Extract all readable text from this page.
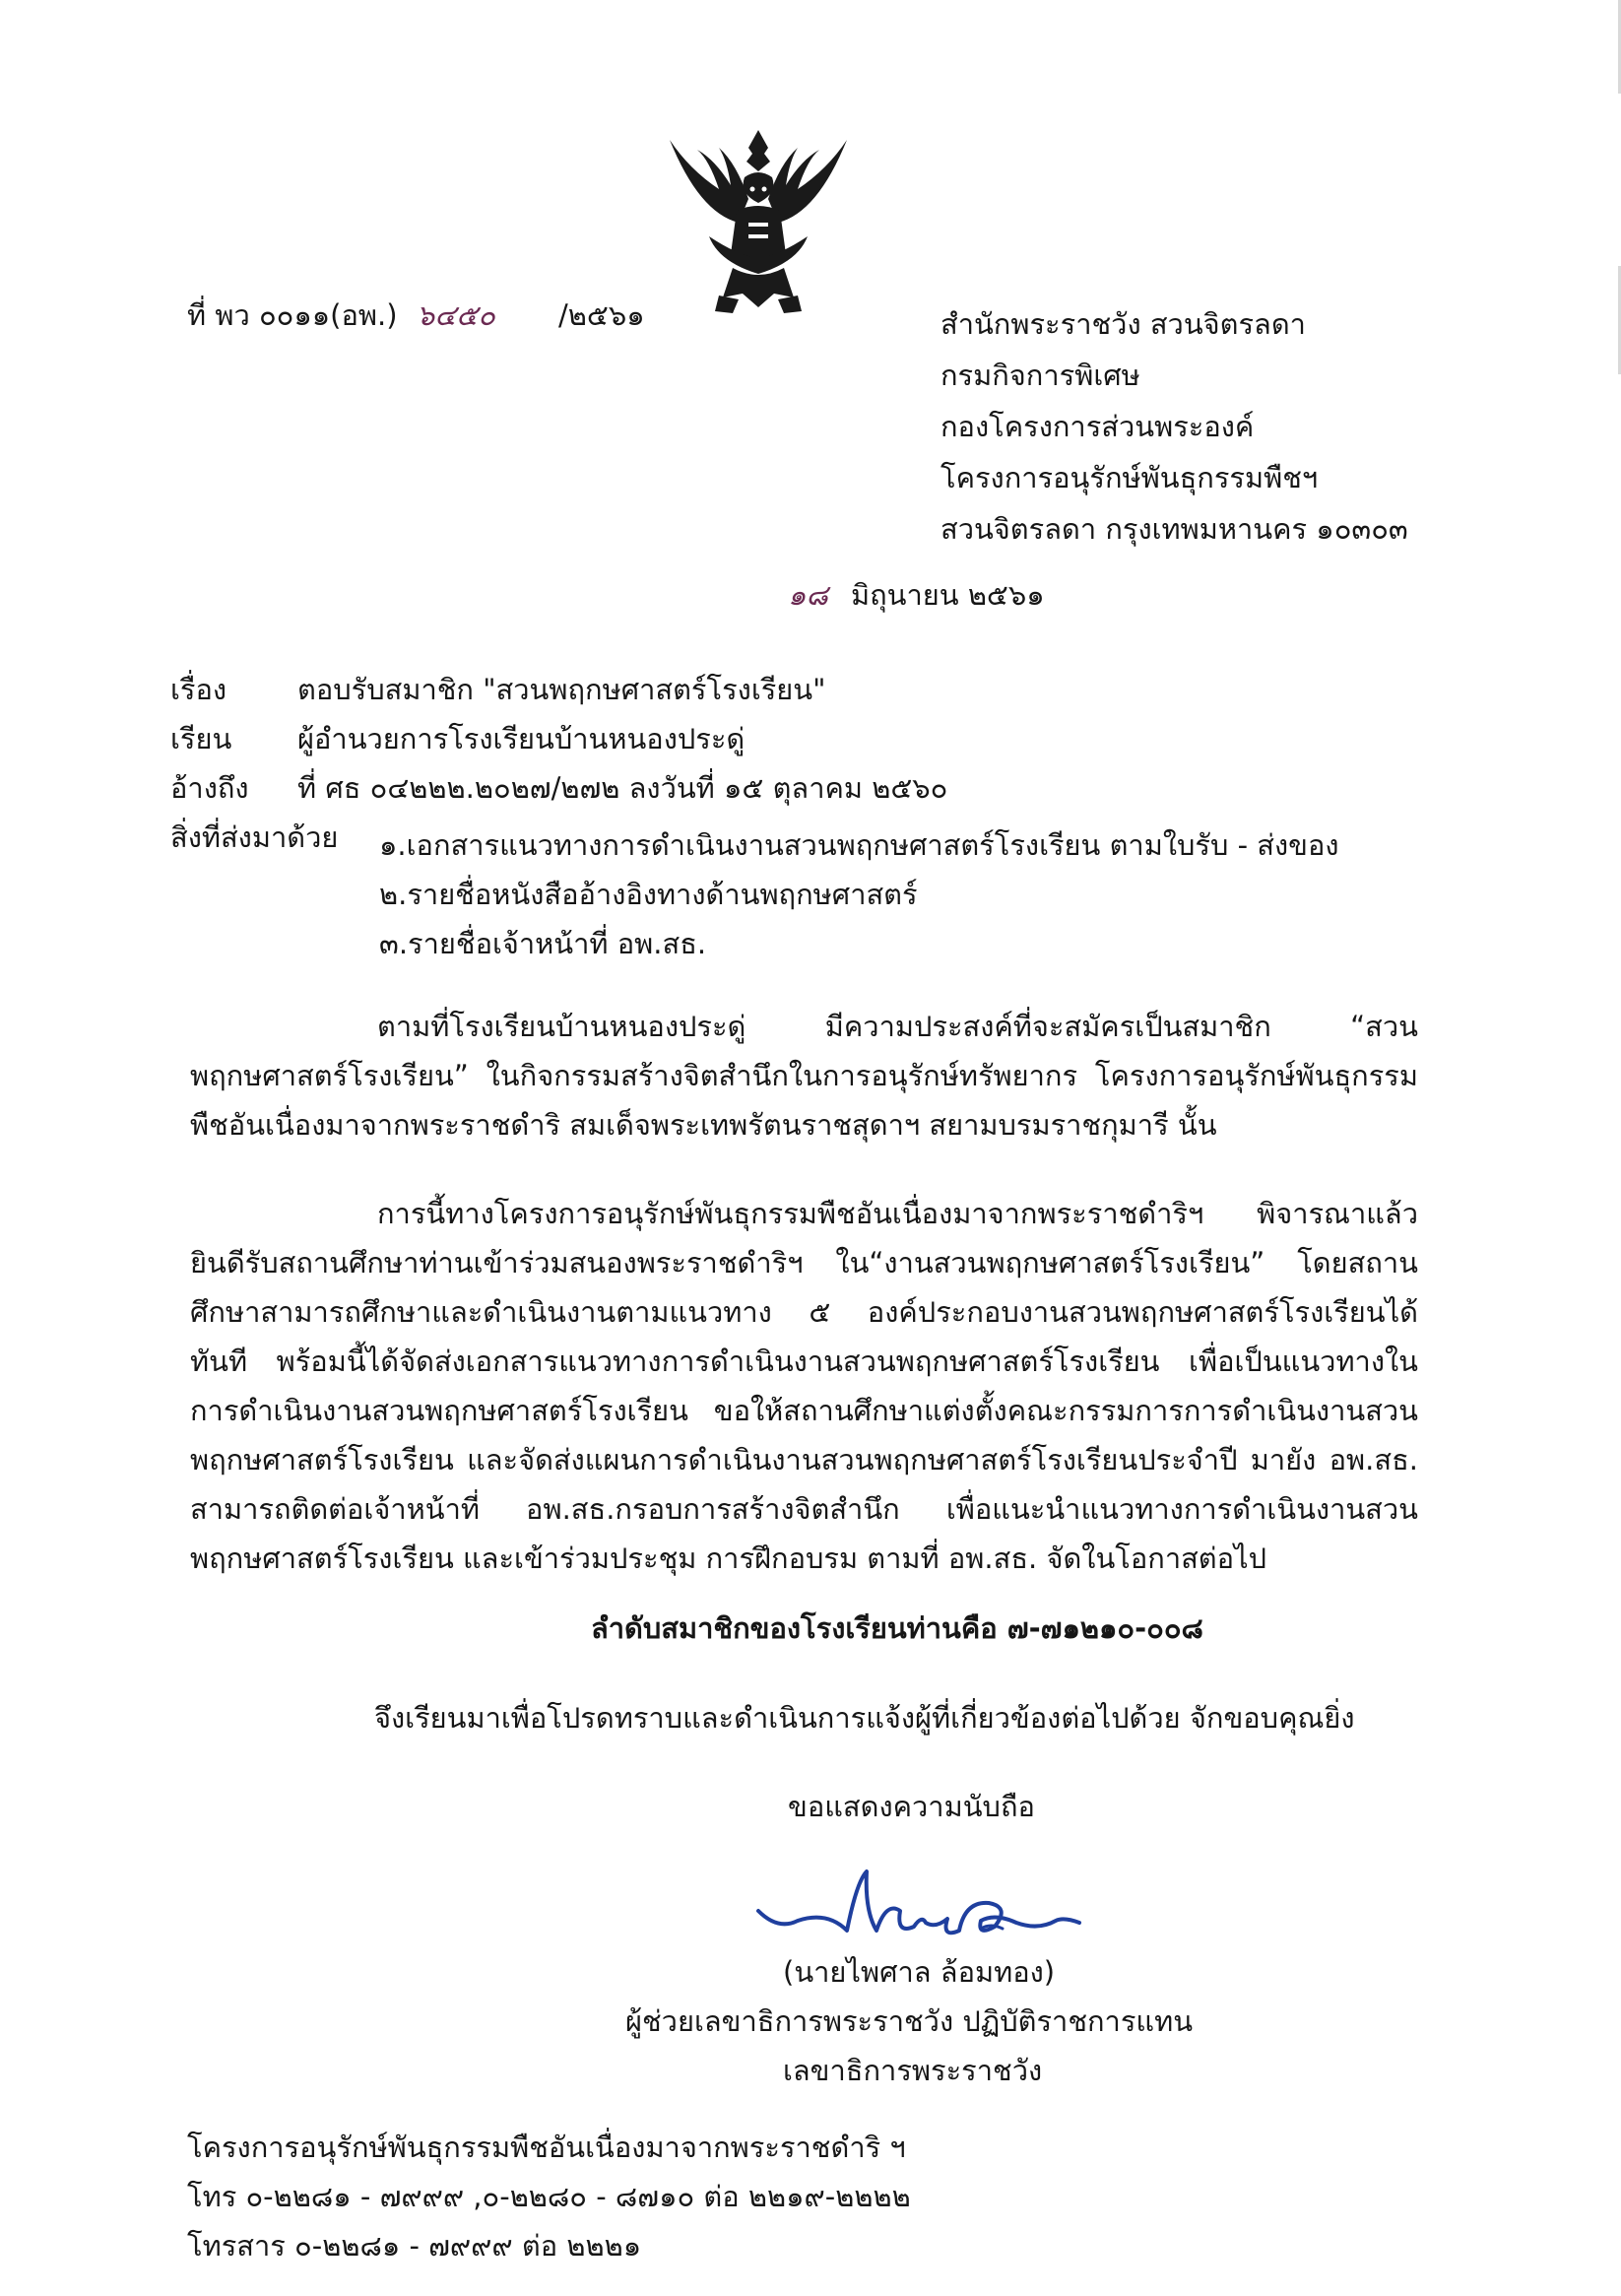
ที่ พว ๐๐๑๑(อพ.) ๖๔๕๐ /๒๕๖๑	สำนักพระราชวัง สวนจิตรลดา
กรมกิจการพิเศษ
กองโครงการส่วนพระองค์
โครงการอนุรักษ์พันธุกรรมพืชฯ
สวนจิตรลดา กรุงเทพมหานคร ๑๐๓๐๓
๑๘ มิถุนายน ๒๕๖๑
เรื่อง ตอบรับสมาชิก "สวนพฤกษศาสตร์โรงเรียน"
เรียน ผู้อำนวยการโรงเรียนบ้านหนองประดู่
อ้างถึง ที่ ศธ ๐๔๒๒๒.๒๐๒๗/๒๗๒ ลงวันที่ ๑๕ ตุลาคม ๒๕๖๐
สิ่งที่ส่งมาด้วย ๑.เอกสารแนวทางการดำเนินงานสวนพฤกษศาสตร์โรงเรียน ตามใบรับ - ส่งของ
๒.รายชื่อหนังสืออ้างอิงทางด้านพฤกษศาสตร์
๓.รายชื่อเจ้าหน้าที่ อพ.สธ.
ตามที่โรงเรียนบ้านหนองประดู่ มีความประสงค์ที่จะสมัครเป็นสมาชิก “สวนพฤกษศาสตร์โรงเรียน” ในกิจกรรมสร้างจิตสำนึกในการอนุรักษ์ทรัพยากร โครงการอนุรักษ์พันธุกรรมพืชอันเนื่องมาจากพระราชดำริ สมเด็จพระเทพรัตนราชสุดาฯ สยามบรมราชกุมารี นั้น
การนี้ทางโครงการอนุรักษ์พันธุกรรมพืชอันเนื่องมาจากพระราชดำริฯ พิจารณาแล้ว ยินดีรับสถานศึกษาท่านเข้าร่วมสนองพระราชดำริฯ ใน“งานสวนพฤกษศาสตร์โรงเรียน” โดยสถานศึกษาสามารถศึกษาและดำเนินงานตามแนวทาง ๕ องค์ประกอบงานสวนพฤกษศาสตร์โรงเรียนได้ทันที พร้อมนี้ได้จัดส่งเอกสารแนวทางการดำเนินงานสวนพฤกษศาสตร์โรงเรียน เพื่อเป็นแนวทางในการดำเนินงานสวนพฤกษศาสตร์โรงเรียน ขอให้สถานศึกษาแต่งตั้งคณะกรรมการการดำเนินงานสวนพฤกษศาสตร์โรงเรียน และจัดส่งแผนการดำเนินงานสวนพฤกษศาสตร์โรงเรียนประจำปี มายัง อพ.สธ. สามารถติดต่อเจ้าหน้าที่ อพ.สธ.กรอบการสร้างจิตสำนึก เพื่อแนะนำแนวทางการดำเนินงานสวนพฤกษศาสตร์โรงเรียน และเข้าร่วมประชุม การฝึกอบรม ตามที่ อพ.สธ. จัดในโอกาสต่อไป
ลำดับสมาชิกของโรงเรียนท่านคือ ๗-๗๑๒๑๐-๐๐๘
จึงเรียนมาเพื่อโปรดทราบและดำเนินการแจ้งผู้ที่เกี่ยวข้องต่อไปด้วย จักขอบคุณยิ่ง
ขอแสดงความนับถือ
(นายไพศาล ล้อมทอง)
ผู้ช่วยเลขาธิการพระราชวัง ปฏิบัติราชการแทน
เลขาธิการพระราชวัง
โครงการอนุรักษ์พันธุกรรมพืชอันเนื่องมาจากพระราชดำริ ฯ
โทร ๐-๒๒๘๑ - ๗๙๙๙ ,๐-๒๒๘๐ - ๘๗๑๐ ต่อ ๒๒๑๙-๒๒๒๒
โทรสาร ๐-๒๒๘๑ - ๗๙๙๙ ต่อ ๒๒๒๑
